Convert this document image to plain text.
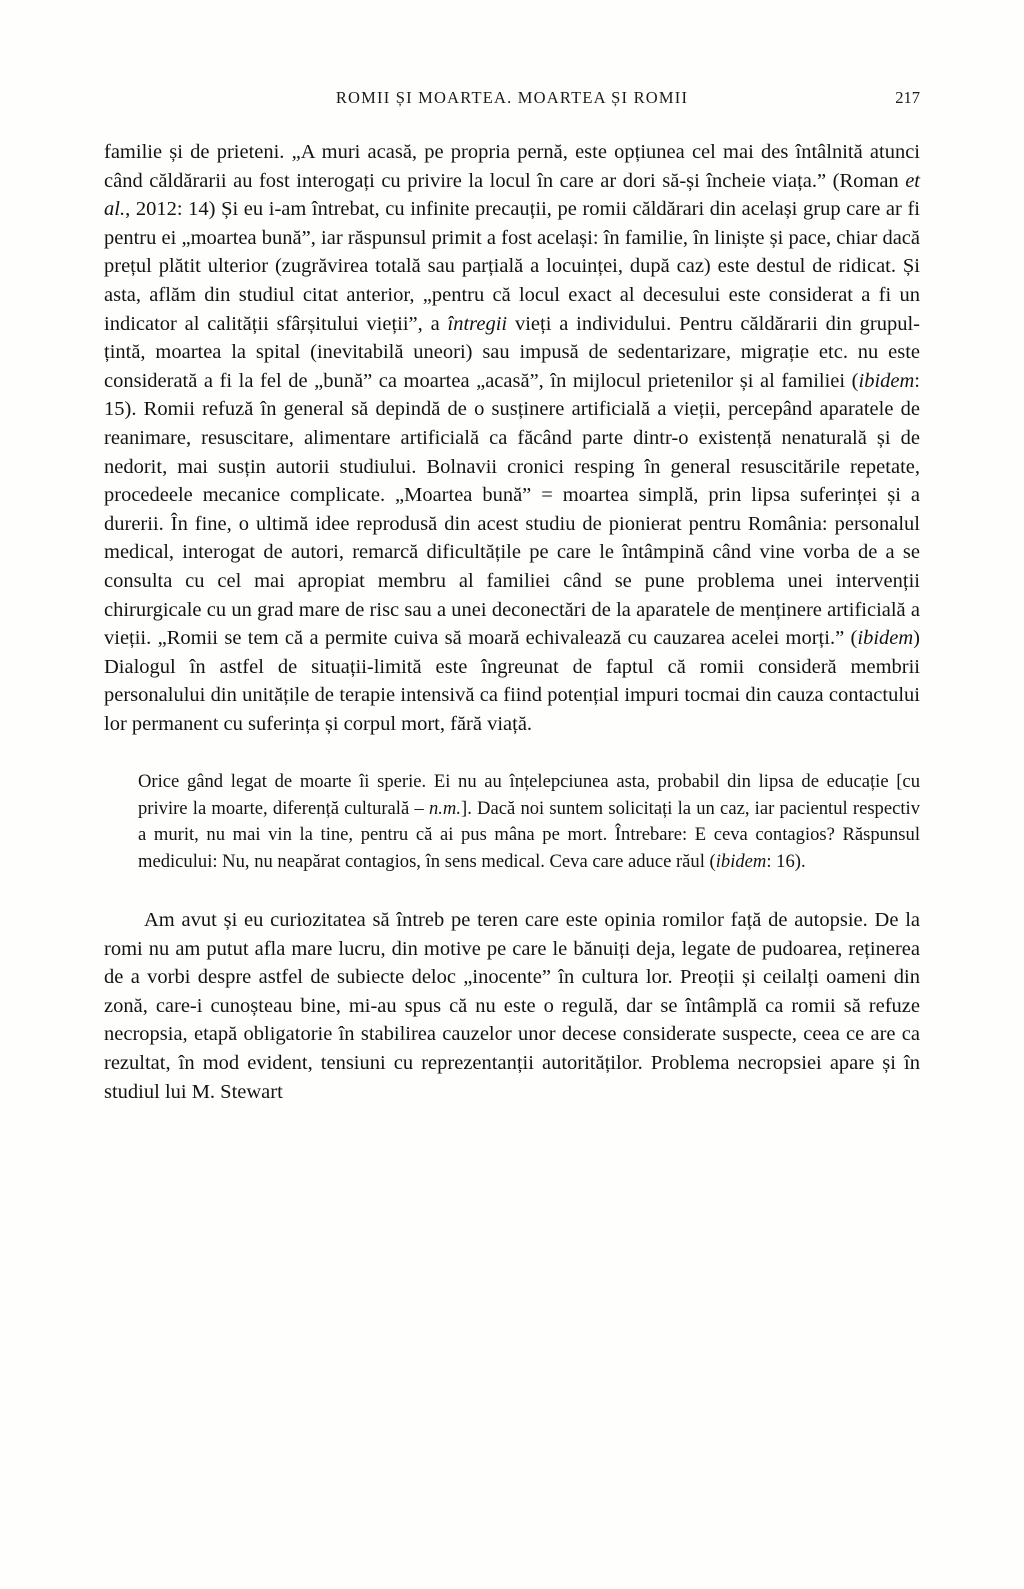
ROMII ȘI MOARTEA. MOARTEA ȘI ROMII	217

familie și de prieteni. „A muri acasă, pe propria pernă, este opțiunea cel mai des întâlnită atunci când căldărarii au fost interogați cu privire la locul în care ar dori să-și încheie viața.” (Roman et al., 2012: 14) Și eu i-am întrebat, cu infinite precauții, pe romii căldărari din același grup care ar fi pentru ei „moartea bună”, iar răspunsul primit a fost același: în familie, în liniște și pace, chiar dacă prețul plătit ulterior (zugrăvirea totală sau parțială a locuinței, după caz) este destul de ridicat. Și asta, aflăm din studiul citat anterior, „pentru că locul exact al decesului este considerat a fi un indicator al calității sfârșitului vieții”, a întregii vieți a individului. Pentru căldărarii din grupul-țintă, moartea la spital (inevitabilă uneori) sau impusă de sedentarizare, migrație etc. nu este considerată a fi la fel de „bună” ca moartea „acasă”, în mijlocul prietenilor și al familiei (ibidem: 15). Romii refuză în general să depindă de o susținere artificială a vieții, percepând aparatele de reanimare, resuscitare, alimentare artificială ca făcând parte dintr-o existență nenaturală și de nedorit, mai susțin autorii studiului. Bolnavii cronici resping în general resuscitările repetate, procedeele mecanice complicate. „Moartea bună” = moartea simplă, prin lipsa suferinței și a durerii. În fine, o ultimă idee reprodusă din acest studiu de pionierat pentru România: personalul medical, interogat de autori, remarcă dificultățile pe care le întâmpină când vine vorba de a se consulta cu cel mai apropiat membru al familiei când se pune problema unei intervenții chirurgicale cu un grad mare de risc sau a unei deconectări de la aparatele de menținere artificială a vieții. „Romii se tem că a permite cuiva să moară echivalează cu cauzarea acelei morți.” (ibidem) Dialogul în astfel de situații-limită este îngreunat de faptul că romii consideră membrii personalului din unitățile de terapie intensivă ca fiind potențial impuri tocmai din cauza contactului lor permanent cu suferința și corpul mort, fără viață.

Orice gând legat de moarte îi sperie. Ei nu au înțelepciunea asta, probabil din lipsa de educație [cu privire la moarte, diferență culturală – n.m.]. Dacă noi suntem solicitați la un caz, iar pacientul respectiv a murit, nu mai vin la tine, pentru că ai pus mâna pe mort. Întrebare: E ceva contagios? Răspunsul medicului: Nu, nu neapărat contagios, în sens medical. Ceva care aduce răul (ibidem: 16).

Am avut și eu curiozitatea să întreb pe teren care este opinia romilor față de autopsie. De la romi nu am putut afla mare lucru, din motive pe care le bănuiți deja, legate de pudoarea, reținerea de a vorbi despre astfel de subiecte deloc „inocente” în cultura lor. Preoții și ceilalți oameni din zonă, care-i cunoșteau bine, mi-au spus că nu este o regulă, dar se întâmplă ca romii să refuze necropsia, etapă obligatorie în stabilirea cauzelor unor decese considerate suspecte, ceea ce are ca rezultat, în mod evident, tensiuni cu reprezentanții autorităților. Problema necropsiei apare și în studiul lui M. Stewart
